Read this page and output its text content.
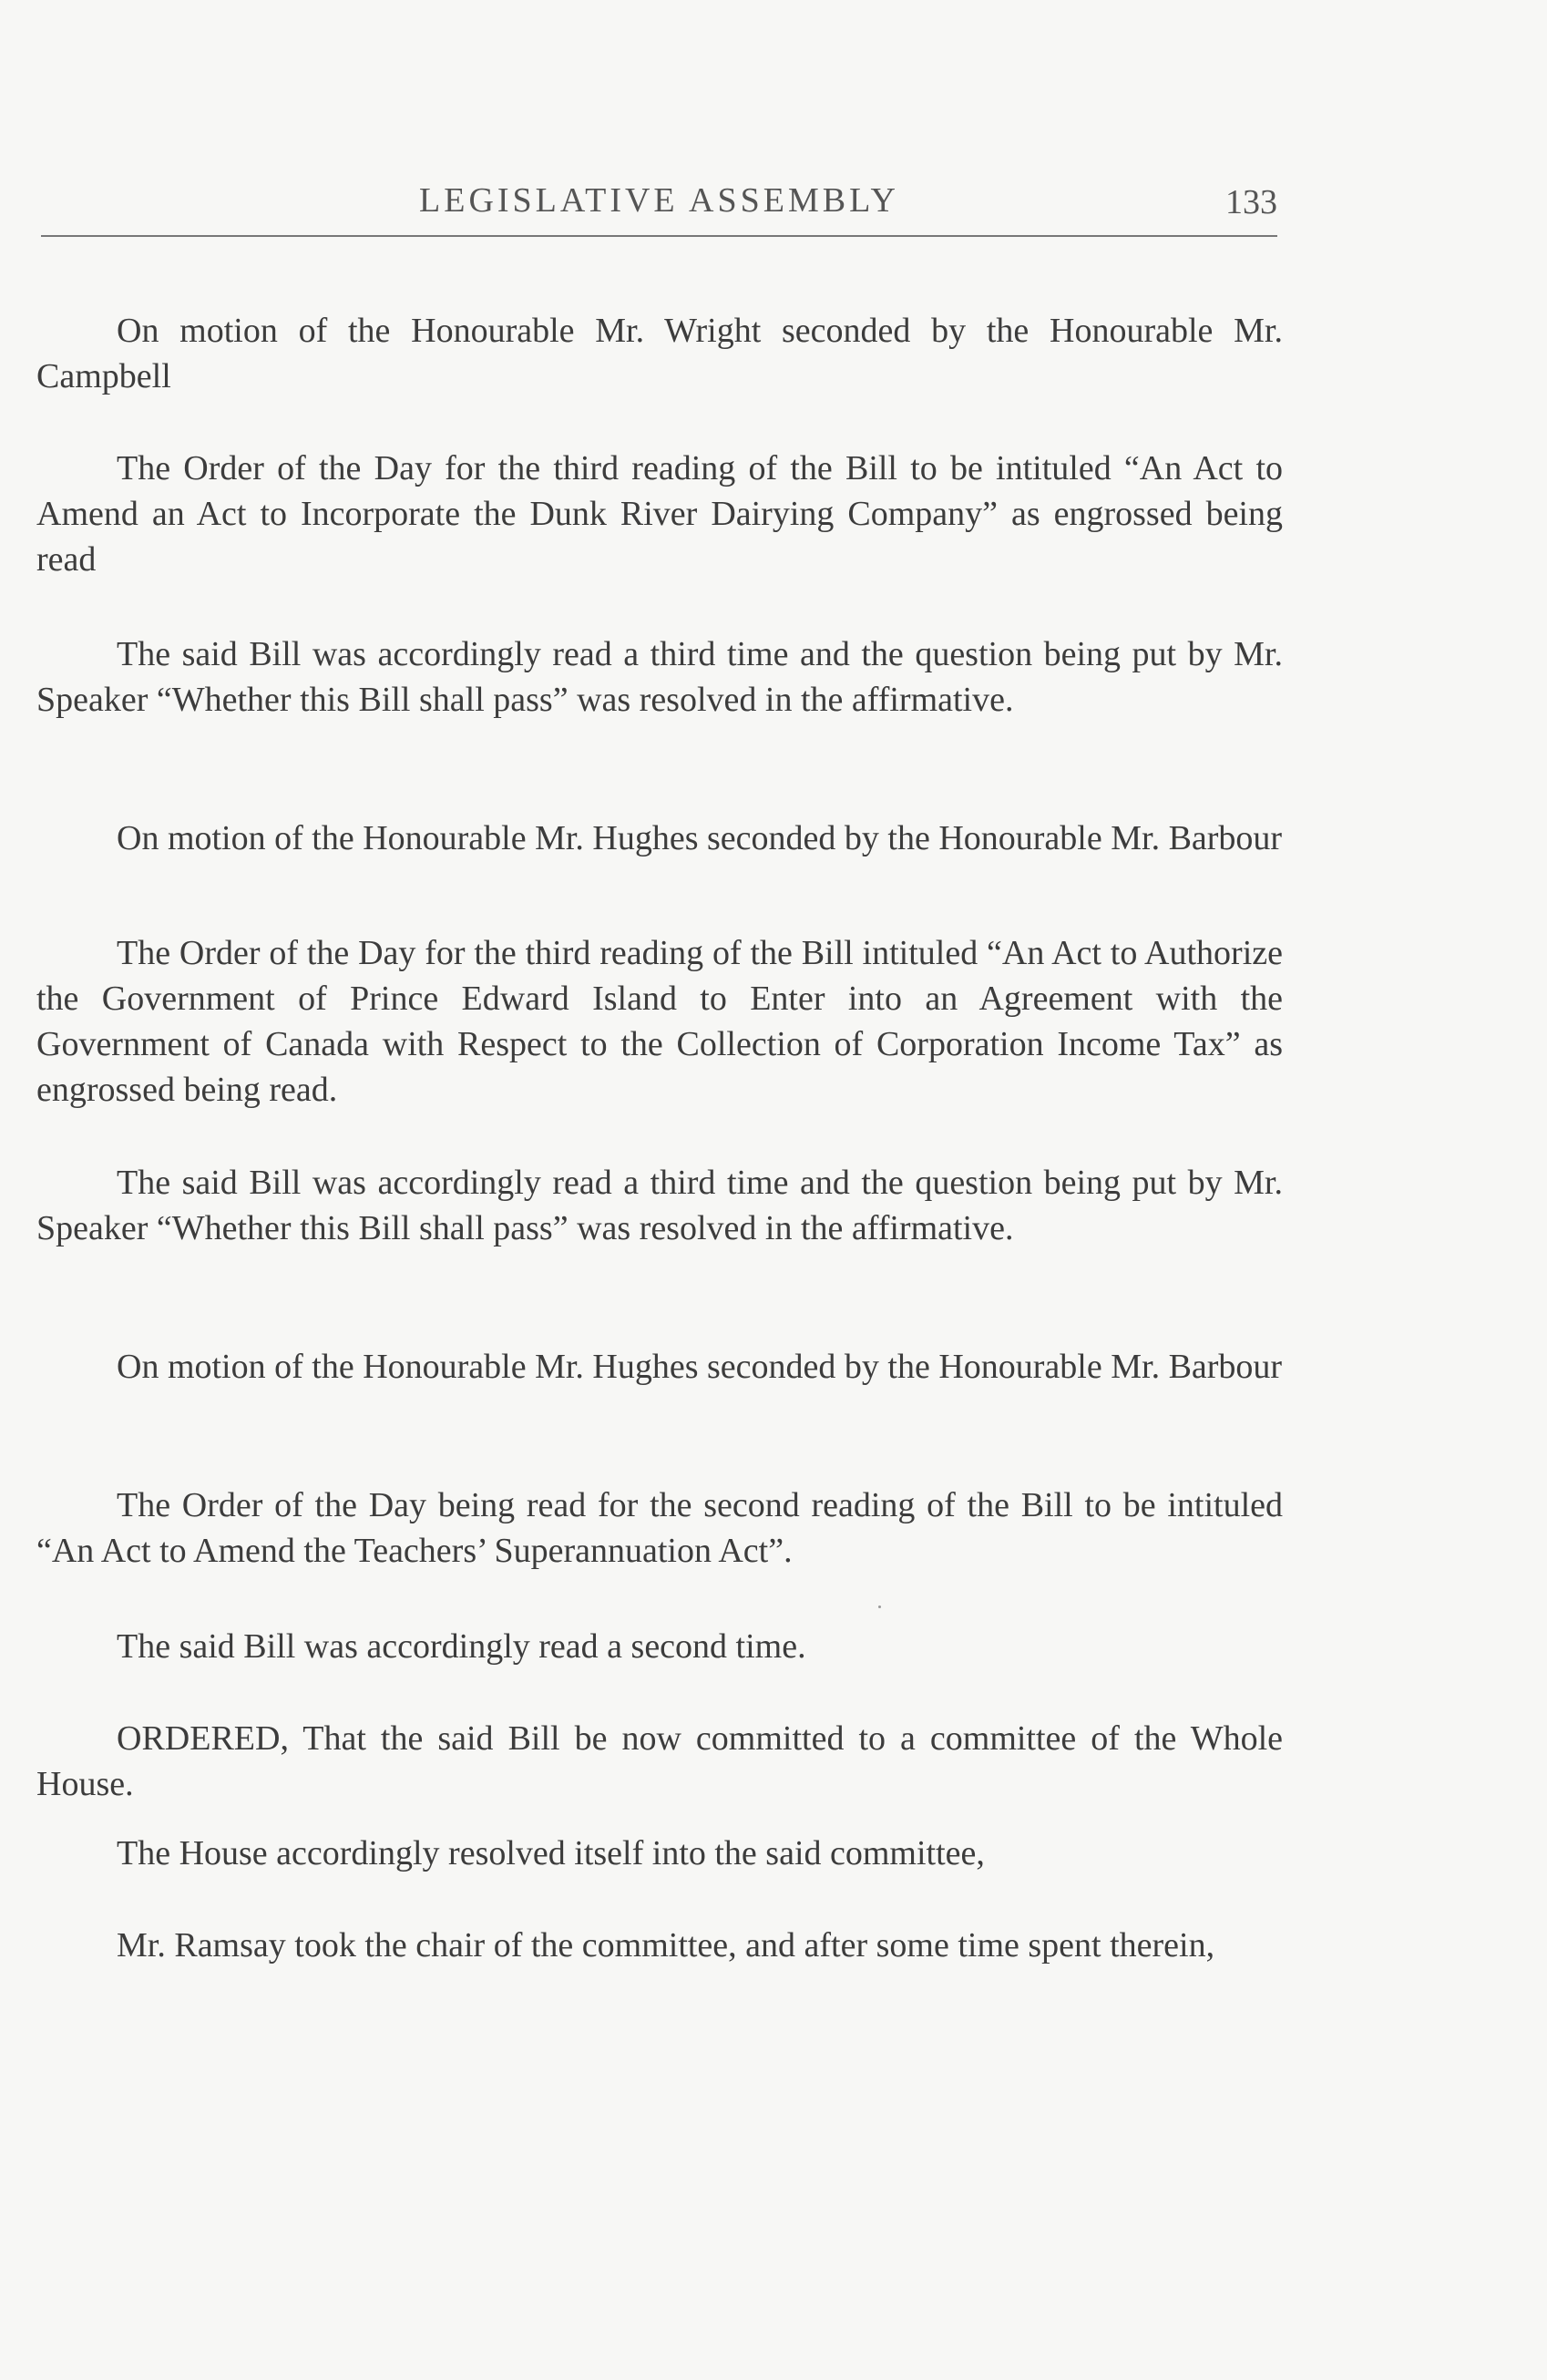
LEGISLATIVE ASSEMBLY	133

On motion of the Honourable Mr. Wright seconded by the Honourable Mr. Campbell

The Order of the Day for the third reading of the Bill to be intituled “An Act to Amend an Act to Incorporate the Dunk River Dairying Company” as engrossed being read

The said Bill was accordingly read a third time and the question being put by Mr. Speaker “Whether this Bill shall pass” was resolved in the affirmative.

On motion of the Honourable Mr. Hughes seconded by the Honourable Mr. Barbour

The Order of the Day for the third reading of the Bill intituled “An Act to Authorize the Government of Prince Edward Island to Enter into an Agreement with the Government of Canada with Respect to the Collection of Corporation Income Tax” as engrossed being read.

The said Bill was accordingly read a third time and the question being put by Mr. Speaker “Whether this Bill shall pass” was resolved in the affirmative.

On motion of the Honourable Mr. Hughes seconded by the Honourable Mr. Barbour

The Order of the Day being read for the second reading of the Bill to be intituled “An Act to Amend the Teachers’ Superannuation Act”.

The said Bill was accordingly read a second time.

ORDERED, That the said Bill be now committed to a committee of the Whole House.

The House accordingly resolved itself into the said committee,

Mr. Ramsay took the chair of the committee, and after some time spent therein,
